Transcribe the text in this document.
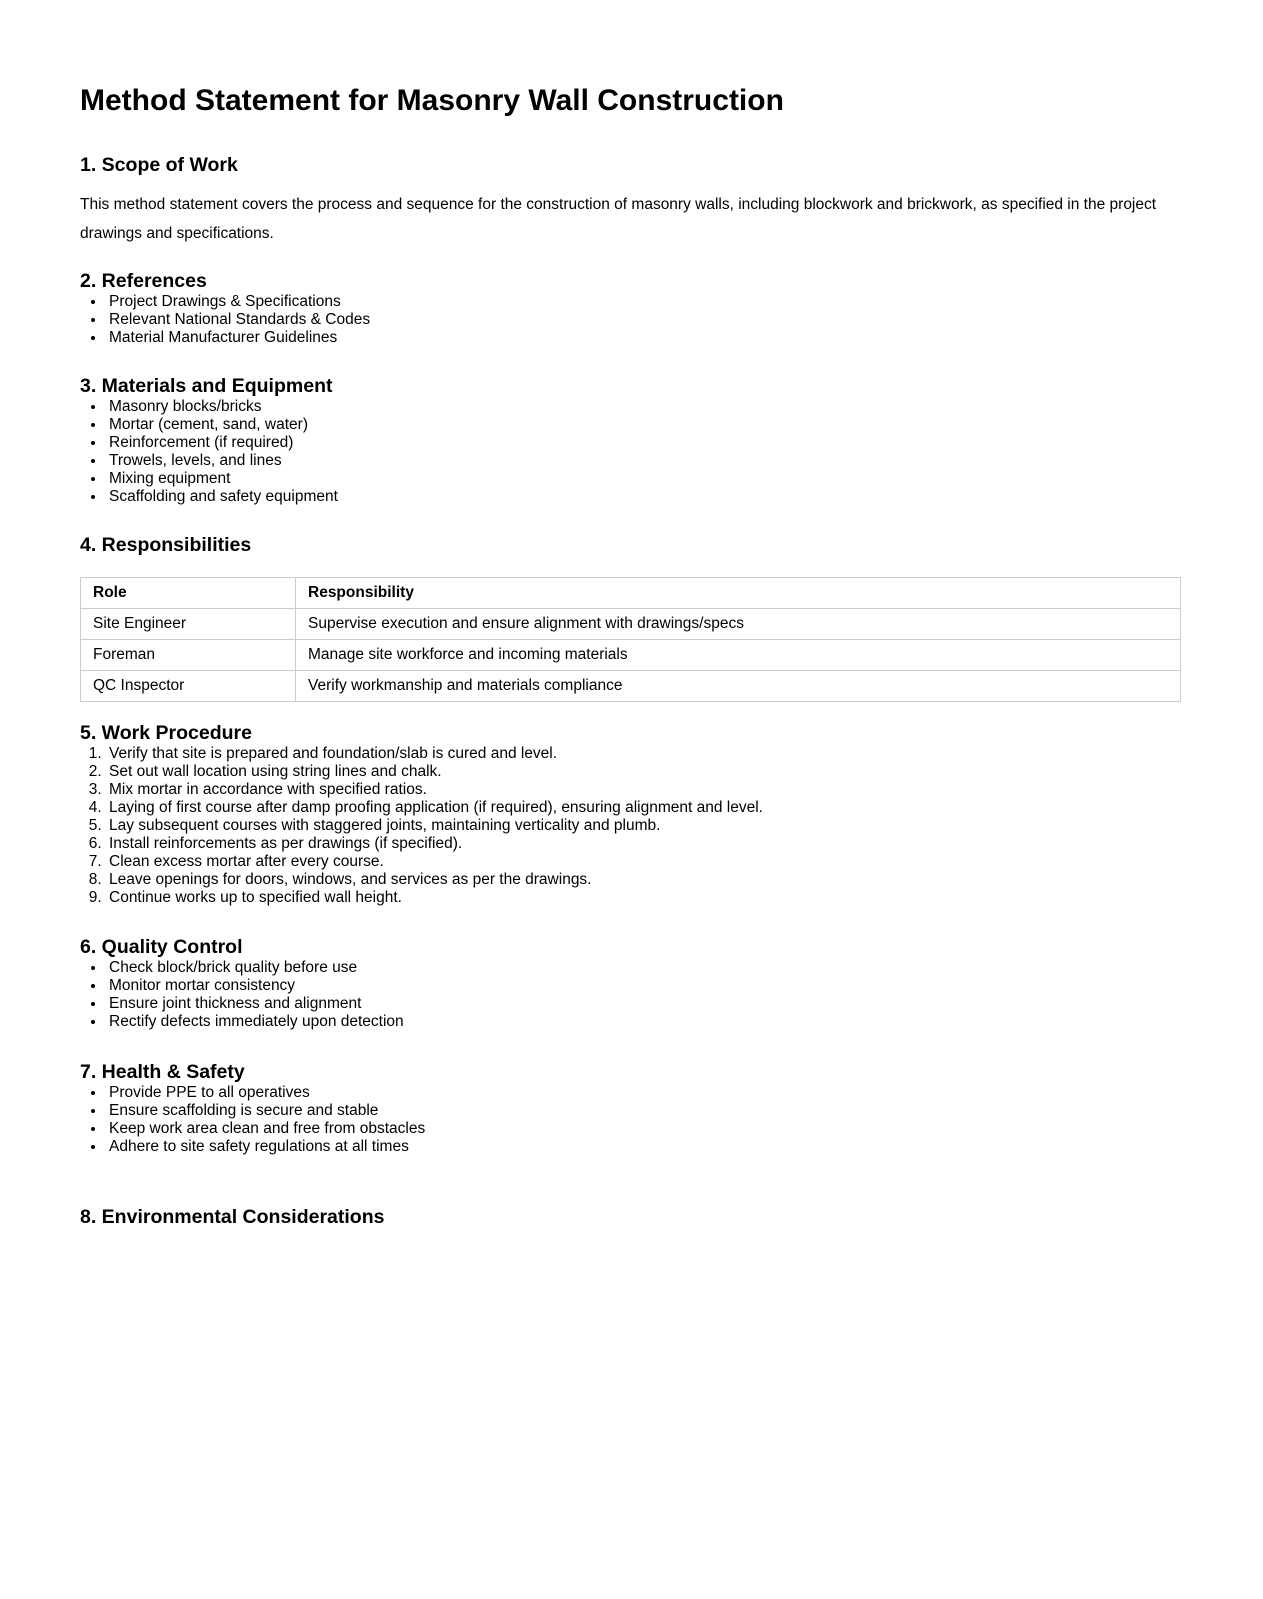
Method Statement for Masonry Wall Construction
1. Scope of Work

This method statement covers the process and sequence for the construction of masonry walls, including blockwork and brickwork, as specified in the project drawings and specifications.

2. References
• Project Drawings & Specifications
• Relevant National Standards & Codes
• Material Manufacturer Guidelines
3. Materials and Equipment
• Masonry blocks/bricks
• Mortar (cement, sand, water)
• Reinforcement (if required)
• Trowels, levels, and lines
• Mixing equipment
• Scaffolding and safety equipment
4. Responsibilities
Role	Responsibility
Site Engineer	Supervise execution and ensure alignment with drawings/specs
Foreman	Manage site workforce and incoming materials
QC Inspector	Verify workmanship and materials compliance
5. Work Procedure
1. Verify that site is prepared and foundation/slab is cured and level.
2. Set out wall location using string lines and chalk.
3. Mix mortar in accordance with specified ratios.
4. Laying of first course after damp proofing application (if required), ensuring alignment and level.
5. Lay subsequent courses with staggered joints, maintaining verticality and plumb.
6. Install reinforcements as per drawings (if specified).
7. Clean excess mortar after every course.
8. Leave openings for doors, windows, and services as per the drawings.
9. Continue works up to specified wall height.
6. Quality Control
• Check block/brick quality before use
• Monitor mortar consistency
• Ensure joint thickness and alignment
• Rectify defects immediately upon detection
7. Health & Safety
• Provide PPE to all operatives
• Ensure scaffolding is secure and stable
• Keep work area clean and free from obstacles
• Adhere to site safety regulations at all times
8. Environmental Considerations
